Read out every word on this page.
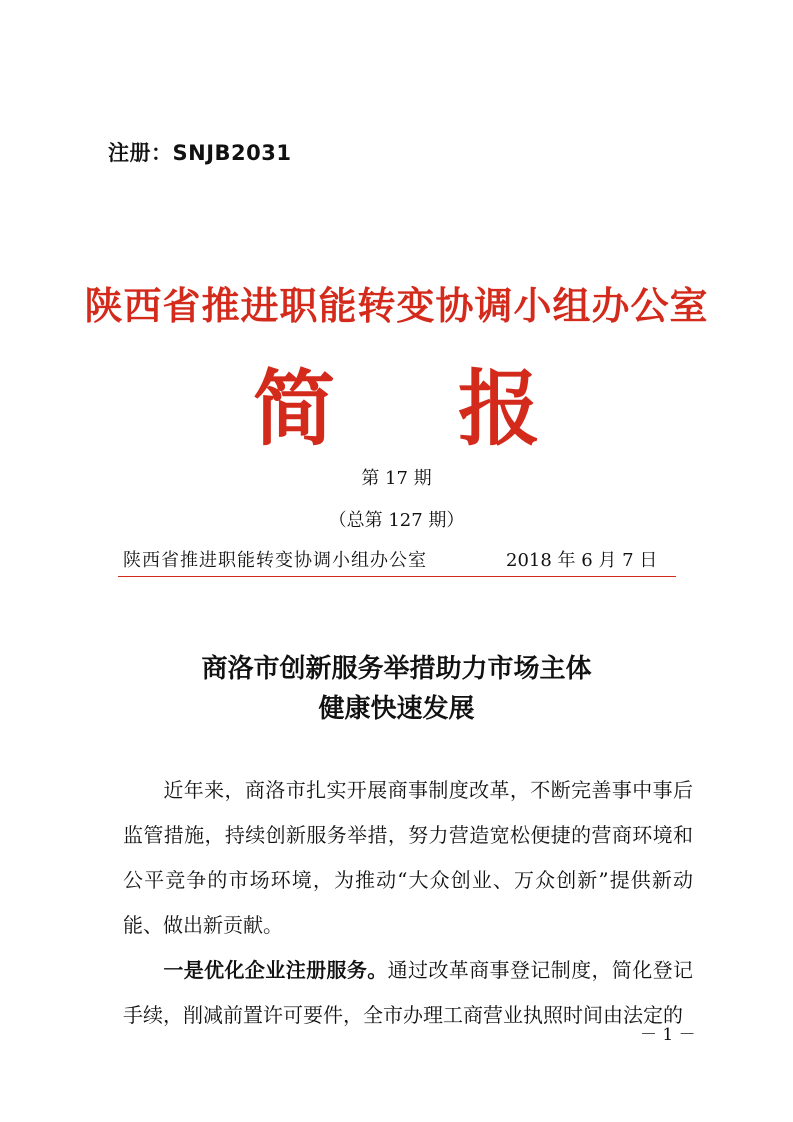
注册：SNJB2031
陕西省推进职能转变协调小组办公室
简 报
第 17 期
（总第 127 期）
陕西省推进职能转变协调小组办公室	2018 年 6 月 7 日
商洛市创新服务举措助力市场主体
健康快速发展
近年来，商洛市扎实开展商事制度改革，不断完善事中事后监管措施，持续创新服务举措，努力营造宽松便捷的营商环境和公平竞争的市场环境，为推动“大众创业、万众创新”提供新动能、做出新贡献。
一是优化企业注册服务。通过改革商事登记制度，简化登记手续，削减前置许可要件，全市办理工商营业执照时间由法定的
－ 1 －
